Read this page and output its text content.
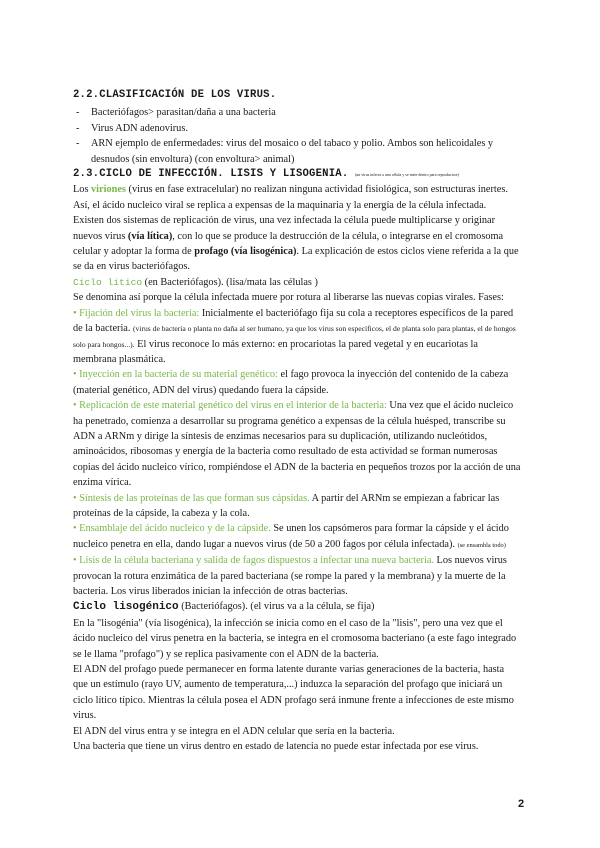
2.2.CLASIFICACIÓN DE LOS VIRUS.
- Bacteriófagos> parasitan/daña a una bacteria
- Virus ADN adenovirus.
- ARN ejemplo de enfermedades: virus del mosaico o del tabaco y polio. Ambos son helicoidales y desnudos (sin envoltura) (con envoltura> animal)
2.3.CICLO DE INFECCIÓN. LISIS Y LISOGENIA. (un virus infecta a una célula y se mete dentro para reproducirse)

Los viriones (virus en fase extracelular) no realizan ninguna actividad fisiológica, son estructuras inertes.

Así, el ácido nucleico viral se replica a expensas de la maquinaria y la energía de la célula infectada.

Existen dos sistemas de replicación de virus, una vez infectada la célula puede multiplicarse y originar nuevos virus (vía lítica), con lo que se produce la destrucción de la célula, o integrarse en el cromosoma celular y adoptar la forma de profago (vía lisogénica). La explicación de estos ciclos viene referida a la que se da en virus bacteriófagos.

Ciclo lítico (en Bacteriófagos). (lisa/mata las células )

Se denomina así porque la célula infectada muere por rotura al liberarse las nuevas copias virales. Fases:

• Fijación del virus la bacteria: Inicialmente el bacteriófago fija su cola a receptores específicos de la pared de la bacteria. (virus de bacteria o planta no daña al ser humano, ya que los virus son específicos, el de planta solo para plantas, el de hongos solo para hongos...). El virus reconoce lo más externo: en procariotas la pared vegetal y en eucariotas la membrana plasmática.

• Inyección en la bacteria de su material genético: el fago provoca la inyección del contenido de la cabeza (material genético, ADN del virus) quedando fuera la cápside.

• Replicación de este material genético del virus en el interior de la bacteria: Una vez que el ácido nucleico ha penetrado, comienza a desarrollar su programa genético a expensas de la célula huésped, transcribe su ADN a ARNm y dirige la síntesis de enzimas necesarios para su duplicación, utilizando nucleótidos, aminoácidos, ribosomas y energía de la bacteria como resultado de esta actividad se forman numerosas copias del ácido nucleico vírico, rompiéndose el ADN de la bacteria en pequeños trozos por la acción de una enzima vírica.

• Síntesis de las proteínas de las que forman sus cápsidas. A partir del ARNm se empiezan a fabricar las proteínas de la cápside, la cabeza y la cola.

• Ensamblaje del ácido nucleico y de la cápside. Se unen los capsómeros para formar la cápside y el ácido nucleico penetra en ella, dando lugar a nuevos virus (de 50 a 200 fagos por célula infectada). (se ensambla todo)

• Lisis de la célula bacteriana y salida de fagos dispuestos a infectar una nueva bacteria. Los nuevos virus provocan la rotura enzimática de la pared bacteriana (se rompe la pared y la membrana) y la muerte de la bacteria. Los virus liberados inician la infección de otras bacterias.

Ciclo lisogénico (Bacteriófagos). (el virus va a la célula, se fija)

En la "lisogénia" (vía lisogénica), la infección se inicia como en el caso de la "lisis", pero una vez que el ácido nucleico del virus penetra en la bacteria, se integra en el cromosoma bacteriano (a este fago integrado se le llama "profago") y se replica pasivamente con el ADN de la bacteria.

El ADN del profago puede permanecer en forma latente durante varias generaciones de la bacteria, hasta que un estímulo (rayo UV, aumento de temperatura,...) induzca la separación del profago que iniciará un ciclo lítico típico. Mientras la célula posea el ADN profago será inmune frente a infecciones de este mismo virus.

El ADN del virus entra y se integra en el ADN celular que sería en la bacteria.

Una bacteria que tiene un virus dentro en estado de latencia no puede estar infectada por ese virus.

2
